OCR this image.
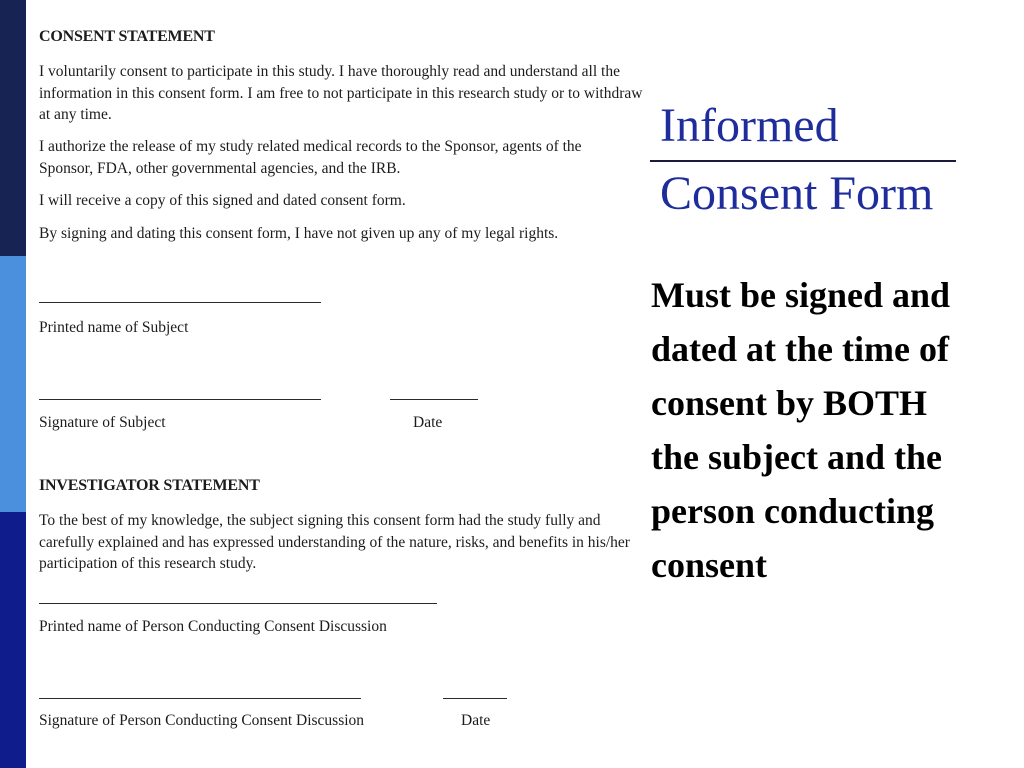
CONSENT STATEMENT

I voluntarily consent to participate in this study. I have thoroughly read and understand all the information in this consent form. I am free to not participate in this research study or to withdraw at any time.

I authorize the release of my study related medical records to the Sponsor, agents of the Sponsor, FDA, other governmental agencies, and the IRB.

I will receive a copy of this signed and dated consent form.

By signing and dating this consent form, I have not given up any of my legal rights.

Printed name of Subject

Signature of Subject	Date

INVESTIGATOR STATEMENT

To the best of my knowledge, the subject signing this consent form had the study fully and carefully explained and has expressed understanding of the nature, risks, and benefits in his/her participation of this research study.

Printed name of Person Conducting Consent Discussion

Signature of Person Conducting Consent Discussion	Date

Informed
Consent Form

Must be signed and dated at the time of consent by BOTH the subject and the person conducting consent
